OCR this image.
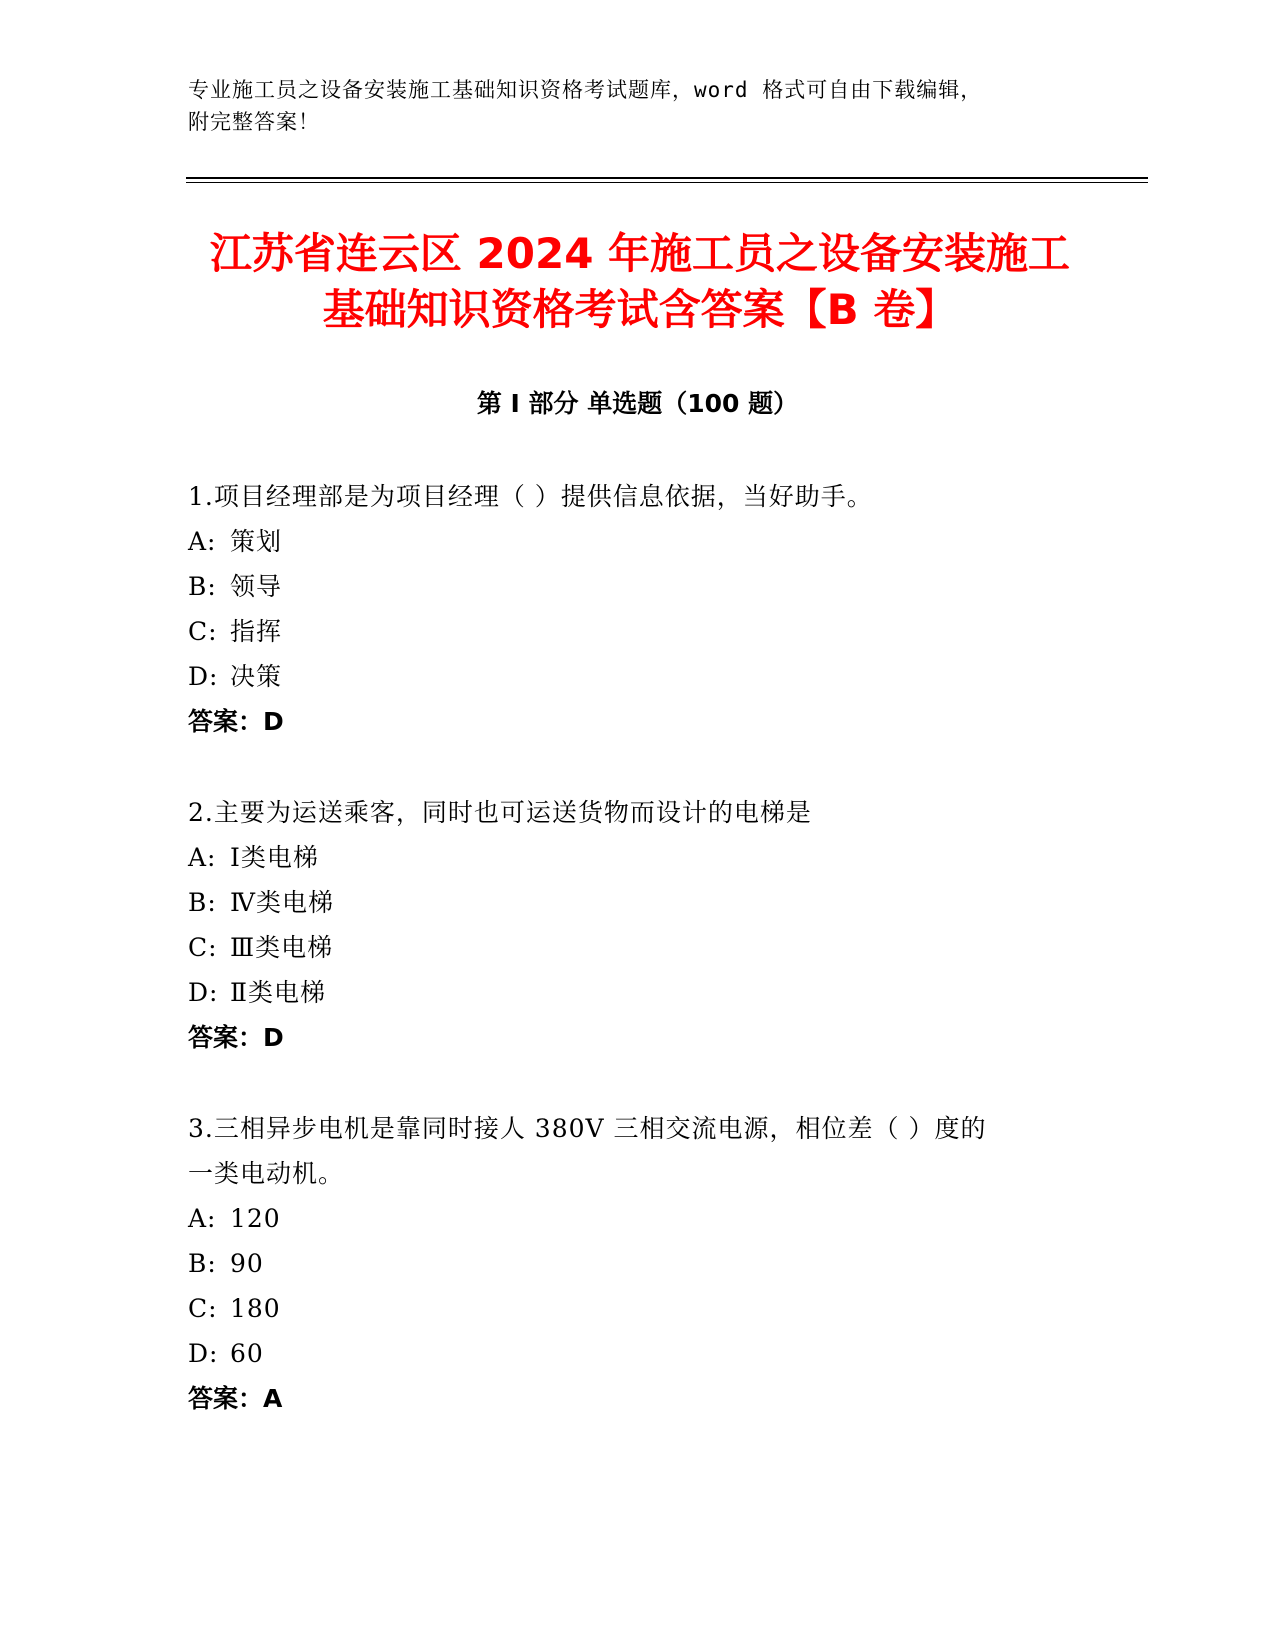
专业施工员之设备安装施工基础知识资格考试题库，word 格式可自由下载编辑，
附完整答案！
江苏省连云区 2024 年施工员之设备安装施工
基础知识资格考试含答案【B 卷】
第 I 部分 单选题（100 题）
1.项目经理部是为项目经理（ ）提供信息依据，当好助手。
A: 策划
B: 领导
C: 指挥
D: 决策
答案：D
2.主要为运送乘客，同时也可运送货物而设计的电梯是
A: Ⅰ类电梯
B: Ⅳ类电梯
C: Ⅲ类电梯
D: Ⅱ类电梯
答案：D
3.三相异步电机是靠同时接人 380V 三相交流电源，相位差（ ）度的
一类电动机。
A: 120
B: 90
C: 180
D: 60
答案：A
